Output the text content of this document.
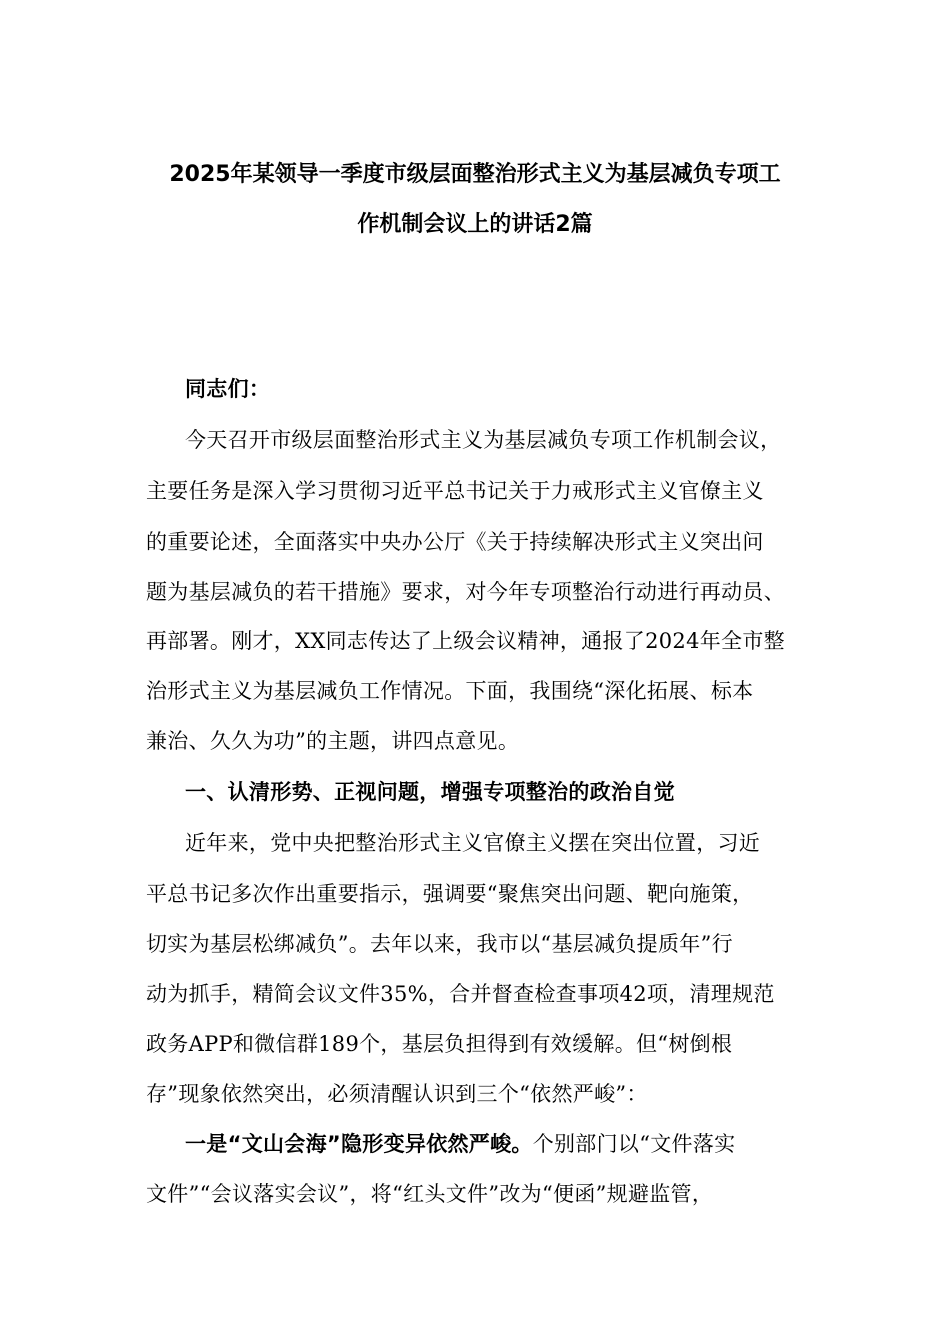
2025年某领导一季度市级层面整治形式主义为基层减负专项工
作机制会议上的讲话2篇

同志们：

今天召开市级层面整治形式主义为基层减负专项工作机制会议，

主要任务是深入学习贯彻习近平总书记关于力戒形式主义官僚主义

的重要论述，全面落实中央办公厅《关于持续解决形式主义突出问

题为基层减负的若干措施》要求，对今年专项整治行动进行再动员、

再部署。刚才，XX同志传达了上级会议精神，通报了2024年全市整

治形式主义为基层减负工作情况。下面，我围绕“深化拓展、标本

兼治、久久为功”的主题，讲四点意见。

一、认清形势、正视问题，增强专项整治的政治自觉

近年来，党中央把整治形式主义官僚主义摆在突出位置，习近

平总书记多次作出重要指示，强调要“聚焦突出问题、靶向施策，

切实为基层松绑减负”。去年以来，我市以“基层减负提质年”行

动为抓手，精简会议文件35%，合并督查检查事项42项，清理规范

政务APP和微信群189个，基层负担得到有效缓解。但“树倒根

存”现象依然突出，必须清醒认识到三个“依然严峻”：

一是“文山会海”隐形变异依然严峻。个别部门以“文件落实

文件”“会议落实会议”，将“红头文件”改为“便函”规避监管，
